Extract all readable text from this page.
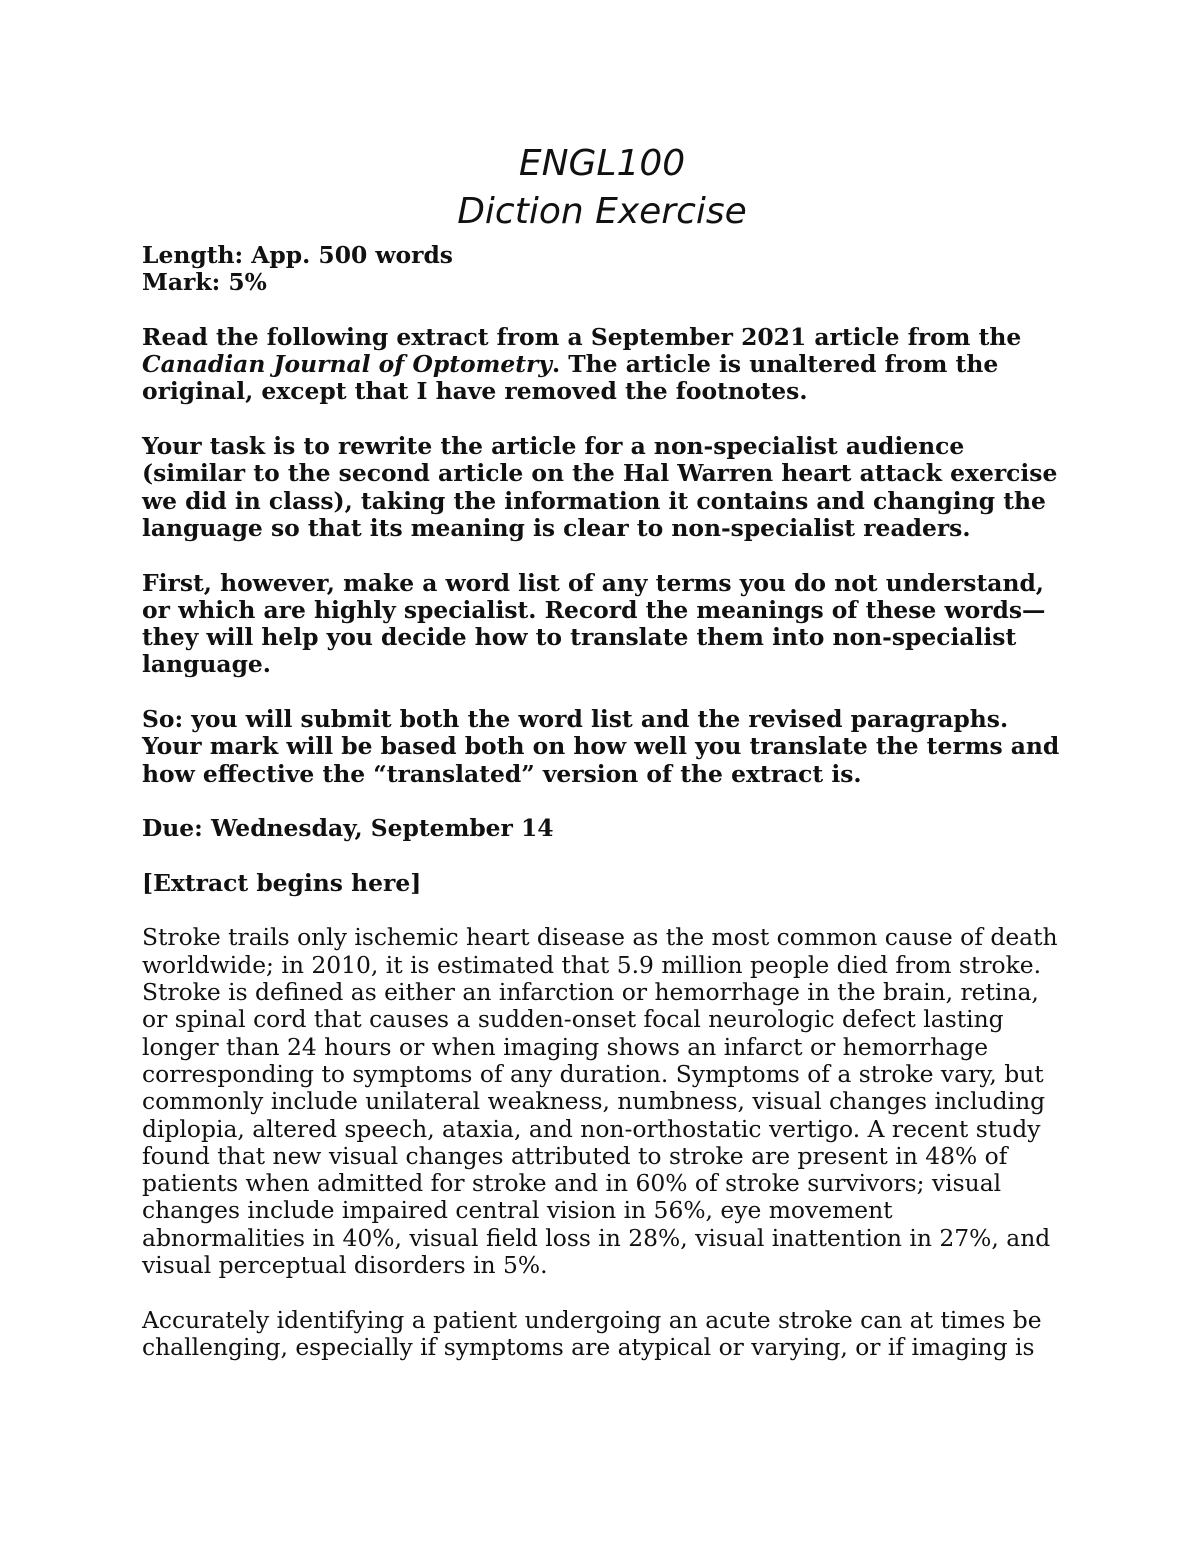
ENGL100
Diction Exercise
Length: App. 500 words
Mark: 5%

Read the following extract from a September 2021 article from the Canadian Journal of Optometry. The article is unaltered from the original, except that I have removed the footnotes.

Your task is to rewrite the article for a non-specialist audience (similar to the second article on the Hal Warren heart attack exercise we did in class), taking the information it contains and changing the language so that its meaning is clear to non-specialist readers.

First, however, make a word list of any terms you do not understand, or which are highly specialist. Record the meanings of these words—they will help you decide how to translate them into non-specialist language.

So: you will submit both the word list and the revised paragraphs. Your mark will be based both on how well you translate the terms and how effective the “translated” version of the extract is.

Due: Wednesday, September 14

[Extract begins here]

Stroke trails only ischemic heart disease as the most common cause of death worldwide; in 2010, it is estimated that 5.9 million people died from stroke. Stroke is defined as either an infarction or hemorrhage in the brain, retina, or spinal cord that causes a sudden-onset focal neurologic defect lasting longer than 24 hours or when imaging shows an infarct or hemorrhage corresponding to symptoms of any duration. Symptoms of a stroke vary, but commonly include unilateral weakness, numbness, visual changes including diplopia, altered speech, ataxia, and non-orthostatic vertigo. A recent study found that new visual changes attributed to stroke are present in 48% of patients when admitted for stroke and in 60% of stroke survivors; visual changes include impaired central vision in 56%, eye movement abnormalities in 40%, visual field loss in 28%, visual inattention in 27%, and visual perceptual disorders in 5%.

Accurately identifying a patient undergoing an acute stroke can at times be challenging, especially if symptoms are atypical or varying, or if imaging is
